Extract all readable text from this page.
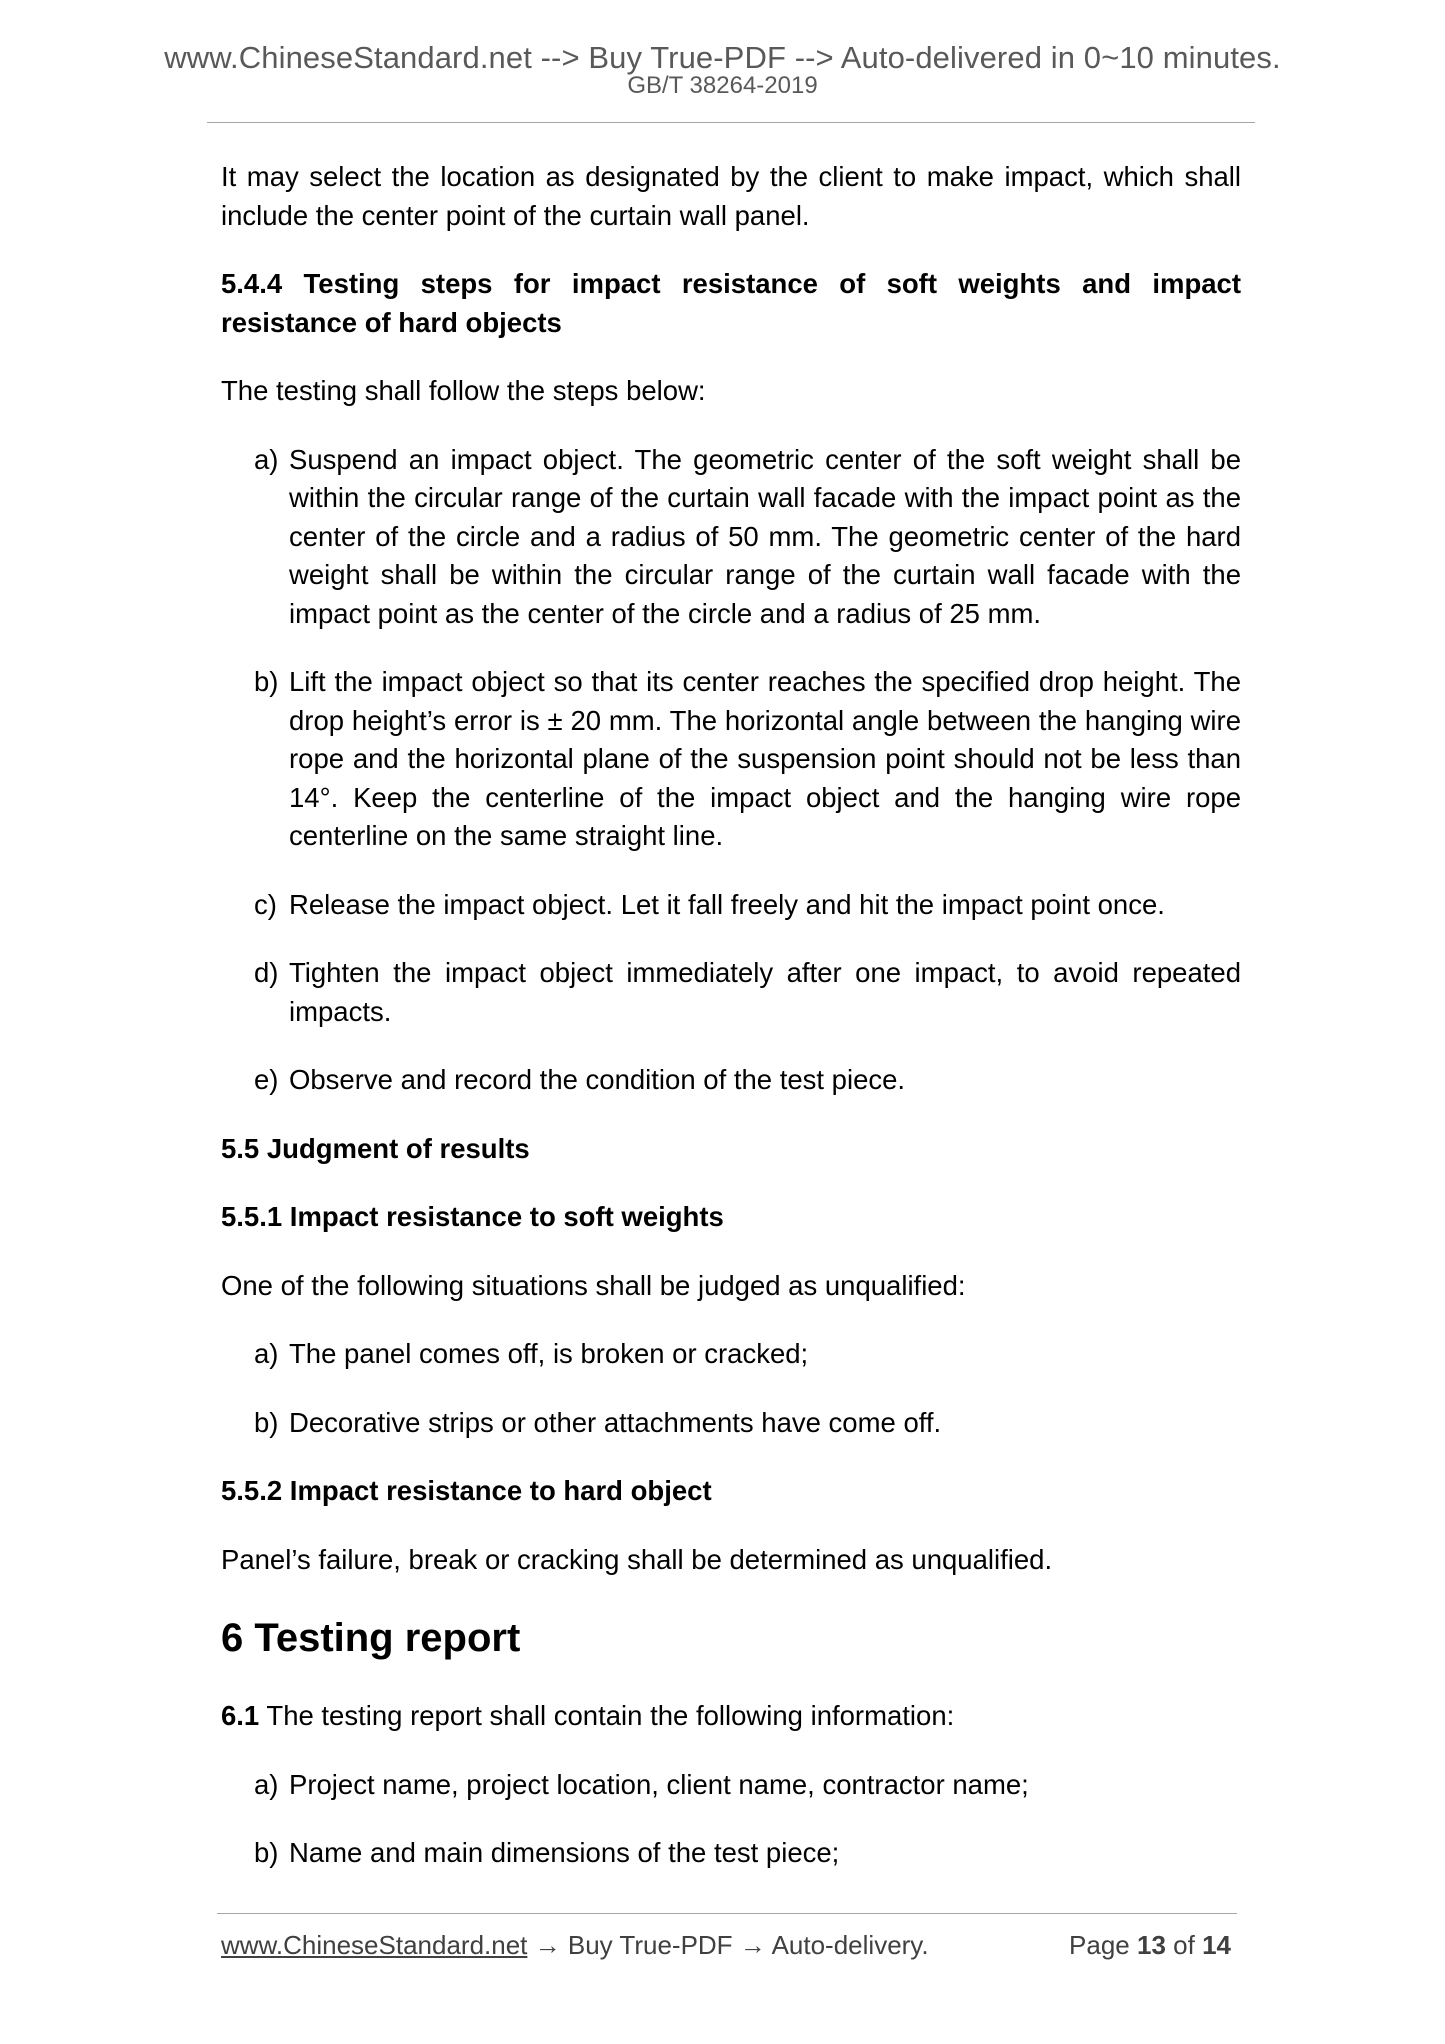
www.ChineseStandard.net --> Buy True-PDF --> Auto-delivered in 0~10 minutes.
GB/T 38264-2019

It may select the location as designated by the client to make impact, which shall include the center point of the curtain wall panel.

5.4.4 Testing steps for impact resistance of soft weights and impact resistance of hard objects

The testing shall follow the steps below:

a) Suspend an impact object. The geometric center of the soft weight shall be within the circular range of the curtain wall facade with the impact point as the center of the circle and a radius of 50 mm. The geometric center of the hard weight shall be within the circular range of the curtain wall facade with the impact point as the center of the circle and a radius of 25 mm.
b) Lift the impact object so that its center reaches the specified drop height. The drop height’s error is ± 20 mm. The horizontal angle between the hanging wire rope and the horizontal plane of the suspension point should not be less than 14°. Keep the centerline of the impact object and the hanging wire rope centerline on the same straight line.
c) Release the impact object. Let it fall freely and hit the impact point once.
d) Tighten the impact object immediately after one impact, to avoid repeated impacts.
e) Observe and record the condition of the test piece.

5.5 Judgment of results

5.5.1 Impact resistance to soft weights

One of the following situations shall be judged as unqualified:

a) The panel comes off, is broken or cracked;
b) Decorative strips or other attachments have come off.

5.5.2 Impact resistance to hard object

Panel’s failure, break or cracking shall be determined as unqualified.

6 Testing report

6.1 The testing report shall contain the following information:

a) Project name, project location, client name, contractor name;
b) Name and main dimensions of the test piece;
www.ChineseStandard.net → Buy True-PDF → Auto-delivery.	Page 13 of 14
